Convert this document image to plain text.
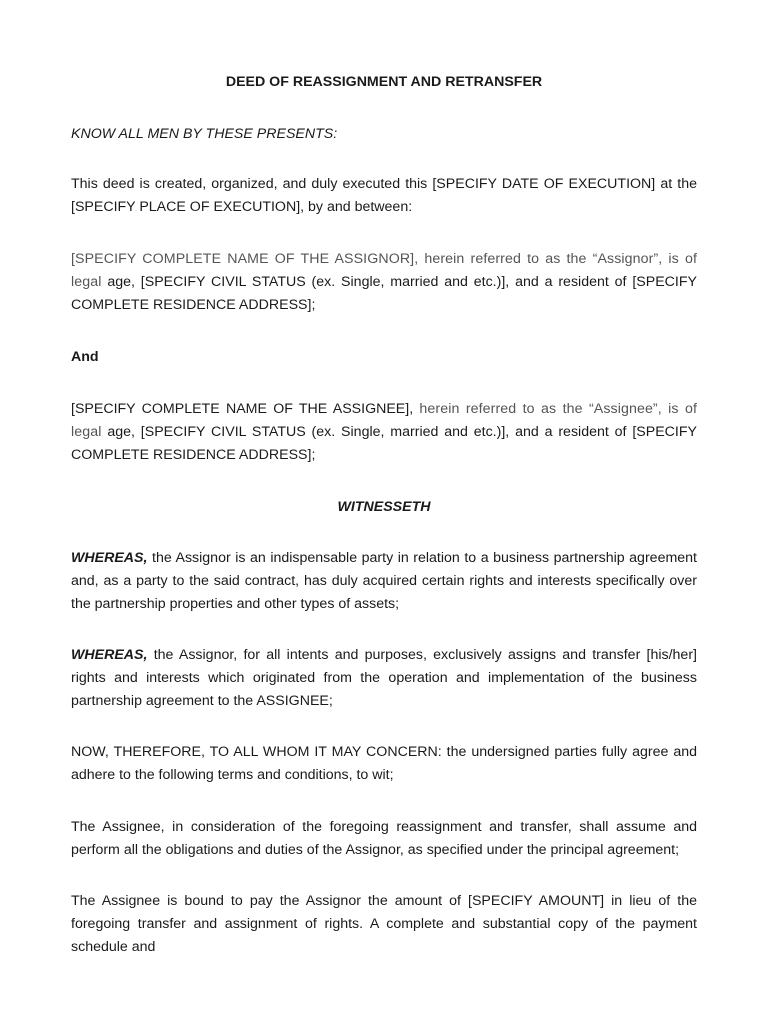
DEED OF REASSIGNMENT AND RETRANSFER
KNOW ALL MEN BY THESE PRESENTS:
This deed is created, organized, and duly executed this [SPECIFY DATE OF EXECUTION] at the [SPECIFY PLACE OF EXECUTION], by and between:
[SPECIFY COMPLETE NAME OF THE ASSIGNOR], herein referred to as the “Assignor”, is of legal age, [SPECIFY CIVIL STATUS (ex. Single, married and etc.)], and a resident of [SPECIFY COMPLETE RESIDENCE ADDRESS];
And
[SPECIFY COMPLETE NAME OF THE ASSIGNEE], herein referred to as the “Assignee”, is of legal age, [SPECIFY CIVIL STATUS (ex. Single, married and etc.)], and a resident of [SPECIFY COMPLETE RESIDENCE ADDRESS];
WITNESSETH
WHEREAS, the Assignor is an indispensable party in relation to a business partnership agreement and, as a party to the said contract, has duly acquired certain rights and interests specifically over the partnership properties and other types of assets;
WHEREAS, the Assignor, for all intents and purposes, exclusively assigns and transfer [his/her] rights and interests which originated from the operation and implementation of the business partnership agreement to the ASSIGNEE;
NOW, THEREFORE, TO ALL WHOM IT MAY CONCERN: the undersigned parties fully agree and adhere to the following terms and conditions, to wit;
The Assignee, in consideration of the foregoing reassignment and transfer, shall assume and perform all the obligations and duties of the Assignor, as specified under the principal agreement;
The Assignee is bound to pay the Assignor the amount of [SPECIFY AMOUNT] in lieu of the foregoing transfer and assignment of rights. A complete and substantial copy of the payment schedule and
